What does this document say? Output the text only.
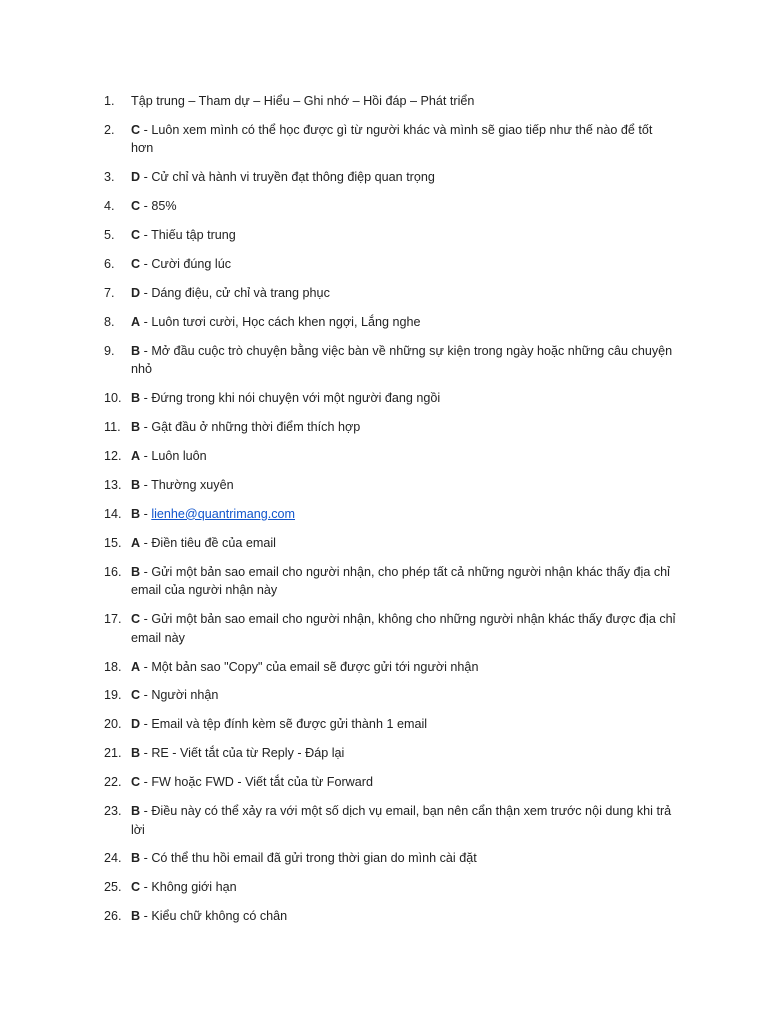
1.	Tập trung – Tham dự – Hiểu – Ghi nhớ – Hồi đáp – Phát triển
2.	C - Luôn xem mình có thể học được gì từ người khác và mình sẽ giao tiếp như thế nào để tốt hơn
3.	D - Cử chỉ và hành vi truyền đạt thông điệp quan trọng
4.	C - 85%
5.	C - Thiếu tập trung
6.	C - Cười đúng lúc
7.	D - Dáng điệu, cử chỉ và trang phục
8.	A - Luôn tươi cười, Học cách khen ngợi, Lắng nghe
9.	B - Mở đầu cuộc trò chuyện bằng việc bàn về những sự kiện trong ngày hoặc những câu chuyện nhỏ
10. B - Đứng trong khi nói chuyện với một người đang ngồi
11. B - Gật đầu ở những thời điểm thích hợp
12. A - Luôn luôn
13. B - Thường xuyên
14. B - lienhe@quantrimang.com
15. A - Điền tiêu đề của email
16. B - Gửi một bản sao email cho người nhận, cho phép tất cả những người nhận khác thấy địa chỉ email của người nhận này
17. C - Gửi một bản sao email cho người nhận, không cho những người nhận khác thấy được địa chỉ email này
18. A - Một bản sao "Copy" của email sẽ được gửi tới người nhận
19. C - Người nhận
20. D - Email và tệp đính kèm sẽ được gửi thành 1 email
21. B - RE - Viết tắt của từ Reply - Đáp lại
22. C - FW hoặc FWD - Viết tắt của từ Forward
23. B - Điều này có thể xảy ra với một số dịch vụ email, bạn nên cẩn thận xem trước nội dung khi trả lời
24. B - Có thể thu hồi email đã gửi trong thời gian do mình cài đặt
25. C - Không giới hạn
26. B - Kiểu chữ không có chân
